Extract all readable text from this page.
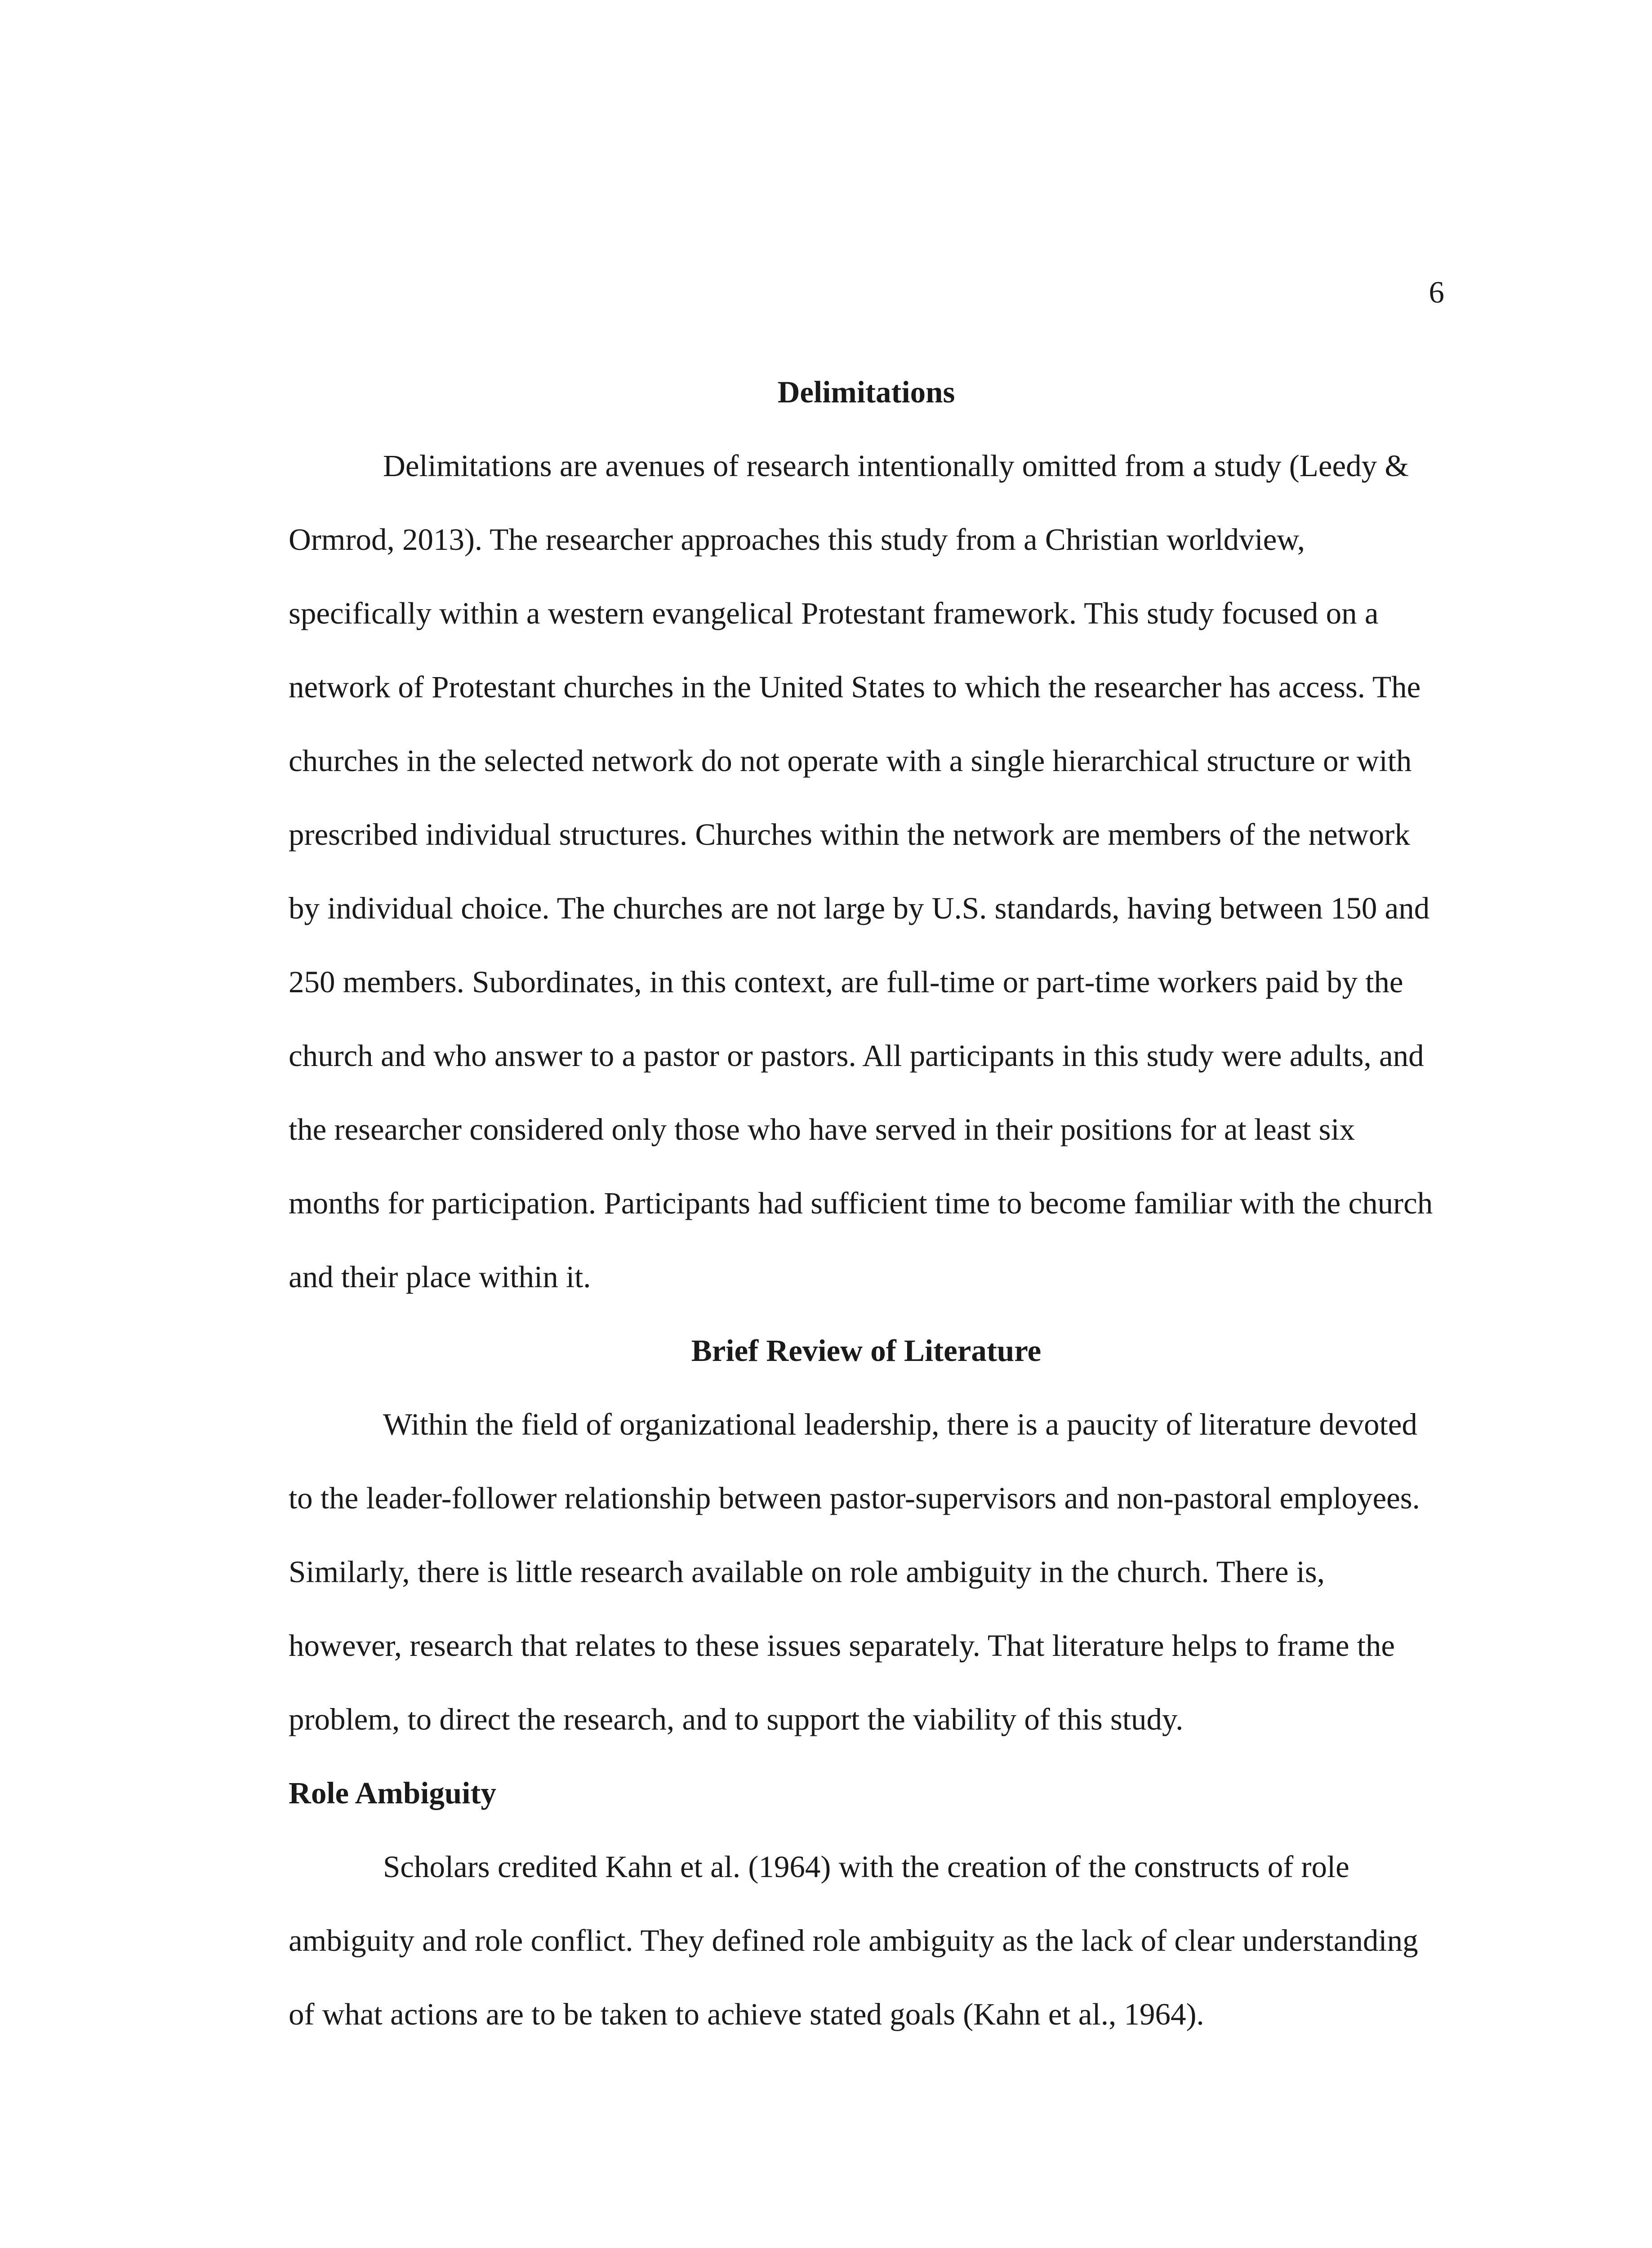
6
Delimitations

Delimitations are avenues of research intentionally omitted from a study (Leedy & Ormrod, 2013). The researcher approaches this study from a Christian worldview, specifically within a western evangelical Protestant framework. This study focused on a network of Protestant churches in the United States to which the researcher has access. The churches in the selected network do not operate with a single hierarchical structure or with prescribed individual structures. Churches within the network are members of the network by individual choice. The churches are not large by U.S. standards, having between 150 and 250 members. Subordinates, in this context, are full-time or part-time workers paid by the church and who answer to a pastor or pastors. All participants in this study were adults, and the researcher considered only those who have served in their positions for at least six months for participation. Participants had sufficient time to become familiar with the church and their place within it.

Brief Review of Literature

Within the field of organizational leadership, there is a paucity of literature devoted to the leader-follower relationship between pastor-supervisors and non-pastoral employees. Similarly, there is little research available on role ambiguity in the church. There is, however, research that relates to these issues separately. That literature helps to frame the problem, to direct the research, and to support the viability of this study.

Role Ambiguity

Scholars credited Kahn et al. (1964) with the creation of the constructs of role ambiguity and role conflict. They defined role ambiguity as the lack of clear understanding of what actions are to be taken to achieve stated goals (Kahn et al., 1964).
